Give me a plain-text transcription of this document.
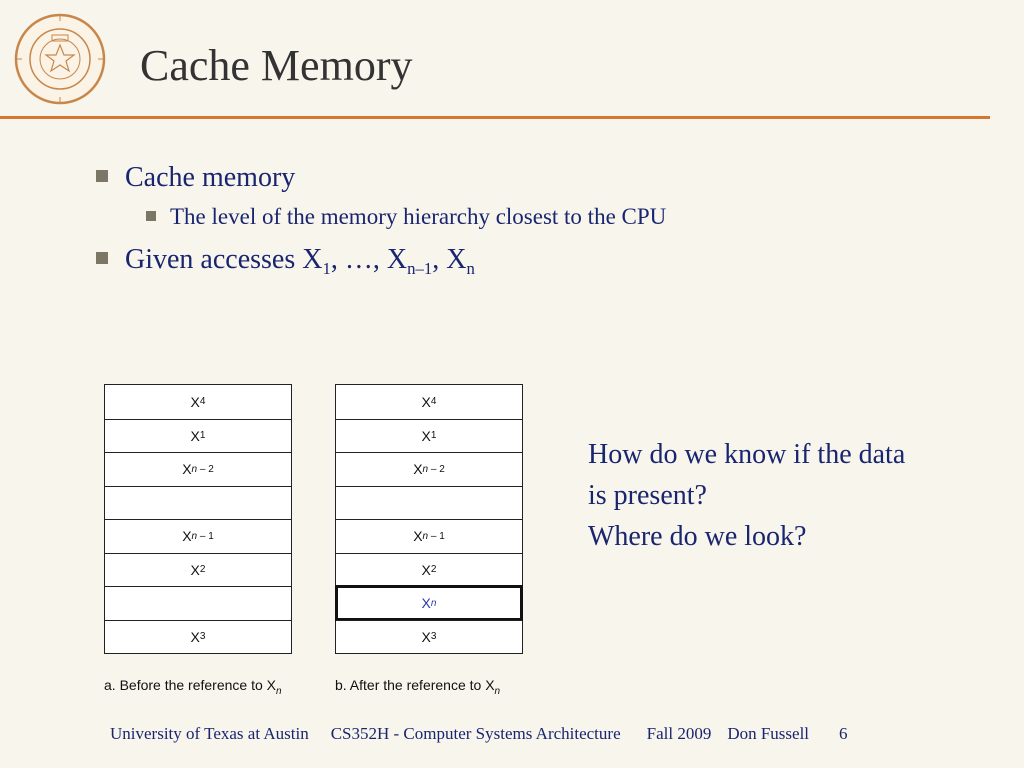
Cache Memory
Cache memory
The level of the memory hierarchy closest to the CPU
Given accesses $X_1$, …, $X_{n-1}$, $X_n$
X 4
X 1
X n – 2
X n – 1
X 2
X 3
X 4
X 1
X n – 2
X n – 1
X 2
X n
X 3
a. Before the reference to $X_n$	b. After the reference to $X_n$
How do we know if the data
is present?
Where do we look?
University of Texas at Austin CS352H - Computer Systems Architecture Fall 2009 Don Fussell 6
